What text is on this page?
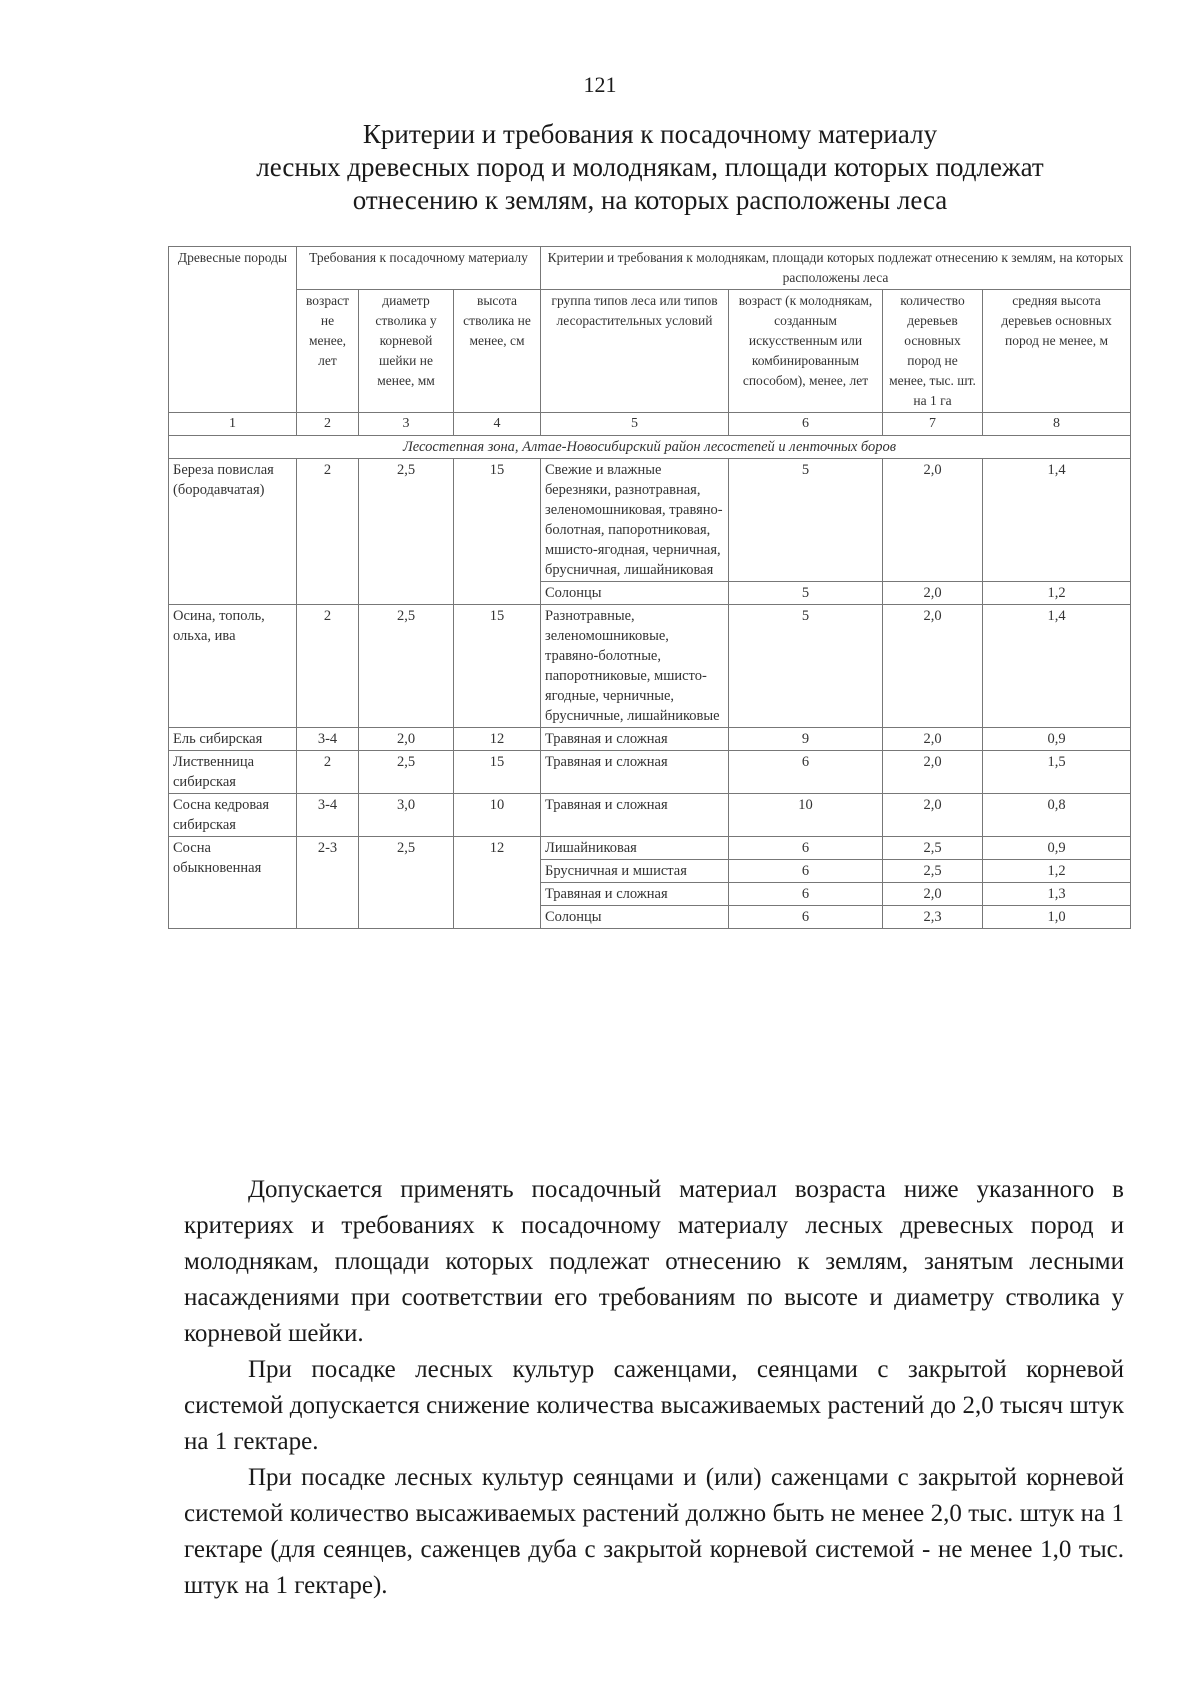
121
Критерии и требования к посадочному материалу
лесных древесных пород и молоднякам, площади которых подлежат
отнесению к землям, на которых расположены леса
Древесные породы	Требования к посадочному материалу			Критерии и требования к молоднякам, площади которых подлежат отнесению к землям, на которых расположены леса			
	возраст не менее, лет	диаметр стволика у корневой шейки не менее, мм	высота стволика не менее, см	группа типов леса или типов лесорастительных условий	возраст (к молоднякам, созданным искусственным или комбинированным способом), менее, лет	количество деревьев основных пород не менее, тыс. шт. на 1 га	средняя высота деревьев основных пород не менее, м
1	2	3	4	5	6	7	8
Лесостепная зона, Алтае-Новосибирский район лесостепей и ленточных боров							
Береза повислая (бородавчатая)	2	2,5	15	Свежие и влажные березняки, разнотравная, зеленомошниковая, травяно-болотная, папоротниковая, мшисто-ягодная, черничная, брусничная, лишайниковая	5	2,0	1,4
				Солонцы	5	2,0	1,2
Осина, тополь, ольха, ива	2	2,5	15	Разнотравные, зеленомошниковые, травяно-болотные, папоротниковые, мшисто-ягодные, черничные, брусничные, лишайниковые	5	2,0	1,4
Ель сибирская	3-4	2,0	12	Травяная и сложная	9	2,0	0,9
Лиственница сибирская	2	2,5	15	Травяная и сложная	6	2,0	1,5
Сосна кедровая сибирская	3-4	3,0	10	Травяная и сложная	10	2,0	0,8
Сосна обыкновенная	2-3	2,5	12	Лишайниковая	6	2,5	0,9
				Брусничная и мшистая	6	2,5	1,2
				Травяная и сложная	6	2,0	1,3
				Солонцы	6	2,3	1,0

Допускается применять посадочный материал возраста ниже указанного в критериях и требованиях к посадочному материалу лесных древесных пород и молоднякам, площади которых подлежат отнесению к землям, занятым лесными насаждениями при соответствии его требованиям по высоте и диаметру стволика у корневой шейки.

При посадке лесных культур саженцами, сеянцами с закрытой корневой системой допускается снижение количества высаживаемых растений до 2,0 тысяч штук на 1 гектаре.

При посадке лесных культур сеянцами и (или) саженцами с закрытой корневой системой количество высаживаемых растений должно быть не менее 2,0 тыс. штук на 1 гектаре (для сеянцев, саженцев дуба с закрытой корневой системой - не менее 1,0 тыс. штук на 1 гектаре).
